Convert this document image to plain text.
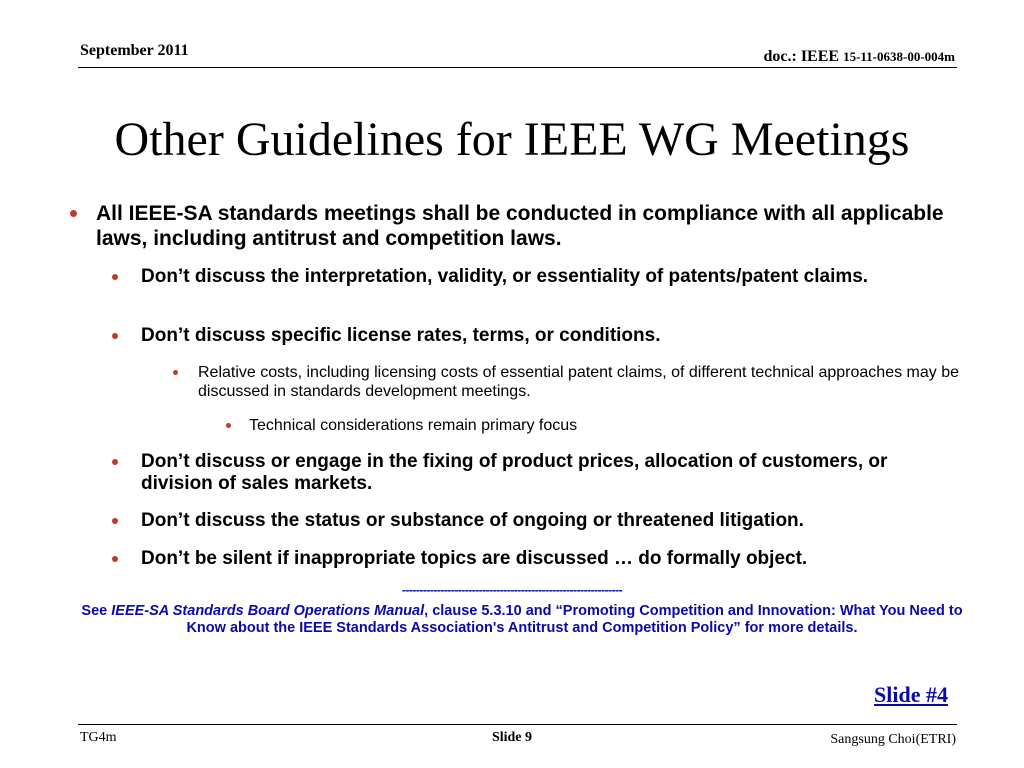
September 2011	doc.: IEEE 15-11-0638-00-004m
Other Guidelines for IEEE WG Meetings
All IEEE-SA standards meetings shall be conducted in compliance with all applicable laws, including antitrust and competition laws.
Don’t discuss the interpretation, validity, or essentiality of patents/patent claims.
Don’t discuss specific license rates, terms, or conditions.
Relative costs, including licensing costs of essential patent claims, of different technical approaches may be discussed in standards development meetings.
Technical considerations remain primary focus
Don’t discuss or engage in the fixing of product prices, allocation of customers, or division of sales markets.
Don’t discuss the status or substance of ongoing or threatened litigation.
Don’t be silent if inappropriate topics are discussed … do formally object.
---------------------------------------------------------------
See IEEE-SA Standards Board Operations Manual, clause 5.3.10 and “Promoting Competition and Innovation: What You Need to Know about the IEEE Standards Association's Antitrust and Competition Policy” for more details.
Slide #4
TG4m	Slide 9	Sangsung Choi(ETRI)
